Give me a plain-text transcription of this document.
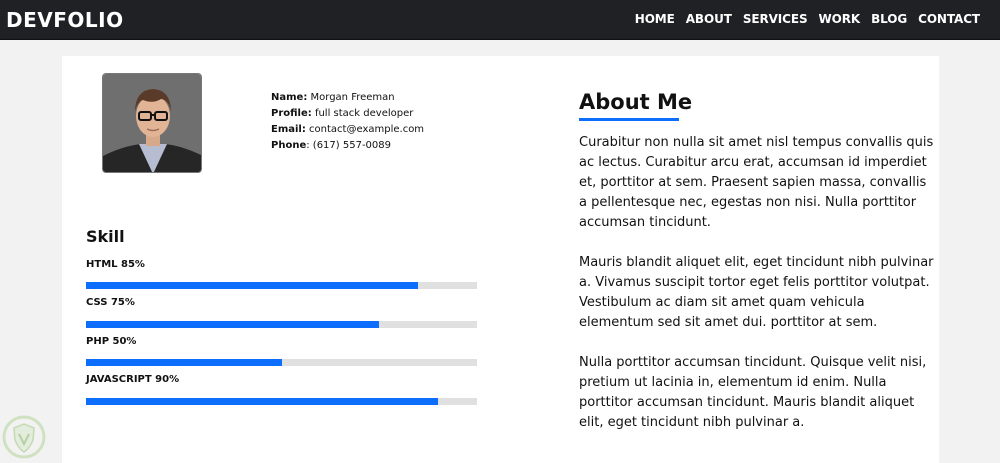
DEVFOLIO	HOME ABOUT SERVICES WORK BLOG CONTACT
Name: Morgan Freeman
Profile: full stack developer
Email: contact@example.com
Phone: (617) 557-0089
Skill
HTML 85%
CSS 75%
PHP 50%
JAVASCRIPT 90%
About Me

Curabitur non nulla sit amet nisl tempus convallis quis ac lectus. Curabitur arcu erat, accumsan id imperdiet et, porttitor at sem. Praesent sapien massa, convallis a pellentesque nec, egestas non nisi. Nulla porttitor accumsan tincidunt.

Mauris blandit aliquet elit, eget tincidunt nibh pulvinar a. Vivamus suscipit tortor eget felis porttitor volutpat. Vestibulum ac diam sit amet quam vehicula elementum sed sit amet dui. porttitor at sem.

Nulla porttitor accumsan tincidunt. Quisque velit nisi, pretium ut lacinia in, elementum id enim. Nulla porttitor accumsan tincidunt. Mauris blandit aliquet elit, eget tincidunt nibh pulvinar a.
